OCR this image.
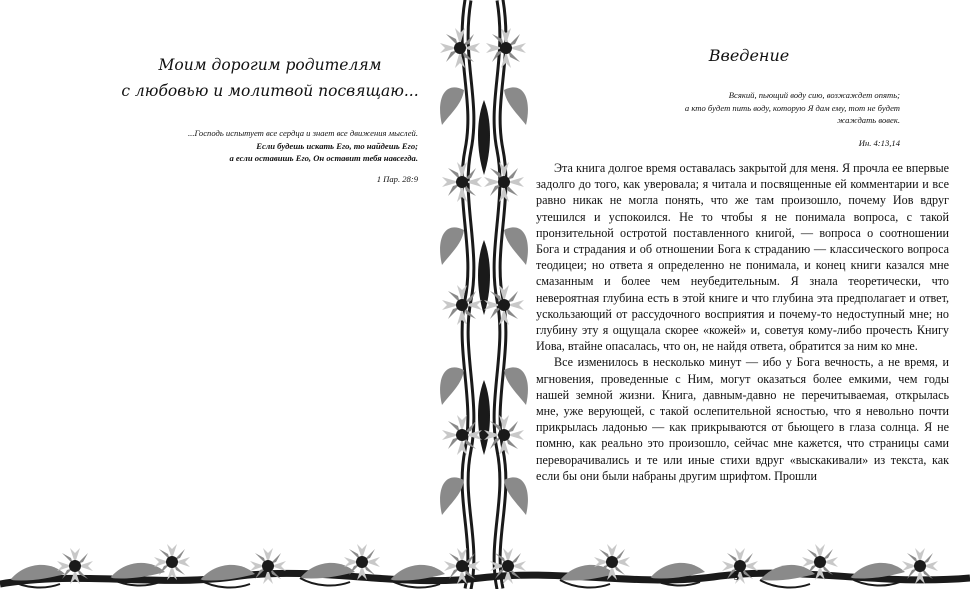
Моим дорогим родителям
с любовью и молитвой посвящаю...
...Господь испытует все сердца и знает все движения мыслей.
Если будешь искать Его, то найдешь Его;
а если оставишь Его, Он оставит тебя навсегда.
1 Пар. 28:9
Введение
Всякий, пьющий воду сию, возжаждет опять;
а кто будет пить воду, которую Я дам ему, тот не будет
жаждать вовек.
Ин. 4:13,14

Эта книга долгое время оставалась закрытой для меня. Я прочла ее впервые задолго до того, как уверовала; я читала и посвященные ей комментарии и все равно никак не могла понять, что же там произошло, почему Иов вдруг утешился и успокоился. Не то чтобы я не понимала вопроса, с такой пронзительной остротой поставленного книгой, — вопроса о соотношении Бога и страдания и об отношении Бога к страданию — классического вопроса теодицеи; но ответа я определенно не понимала, и конец книги казался мне смазанным и более чем неубедительным. Я знала теоретически, что невероятная глубина есть в этой книге и что глубина эта предполагает и ответ, ускользающий от рассудочного восприятия и почему-то недоступный мне; но глубину эту я ощущала скорее «кожей» и, советуя кому-либо прочесть Книгу Иова, втайне опасалась, что он, не найдя ответа, обратится за ним ко мне.

Все изменилось в несколько минут — ибо у Бога вечность, а не время, и мгновения, проведенные с Ним, могут оказаться более емкими, чем годы нашей земной жизни. Книга, давным-давно не перечитываемая, открылась мне, уже верующей, с такой ослепительной ясностью, что я невольно почти прикрылась ладонью — как прикрываются от бьющего в глаза солнца. Я не помню, как реально это произошло, сейчас мне кажется, что страницы сами переворачивались и те или иные стихи вдруг «выскакивали» из текста, как если бы они были набраны другим шрифтом. Прошли

5
